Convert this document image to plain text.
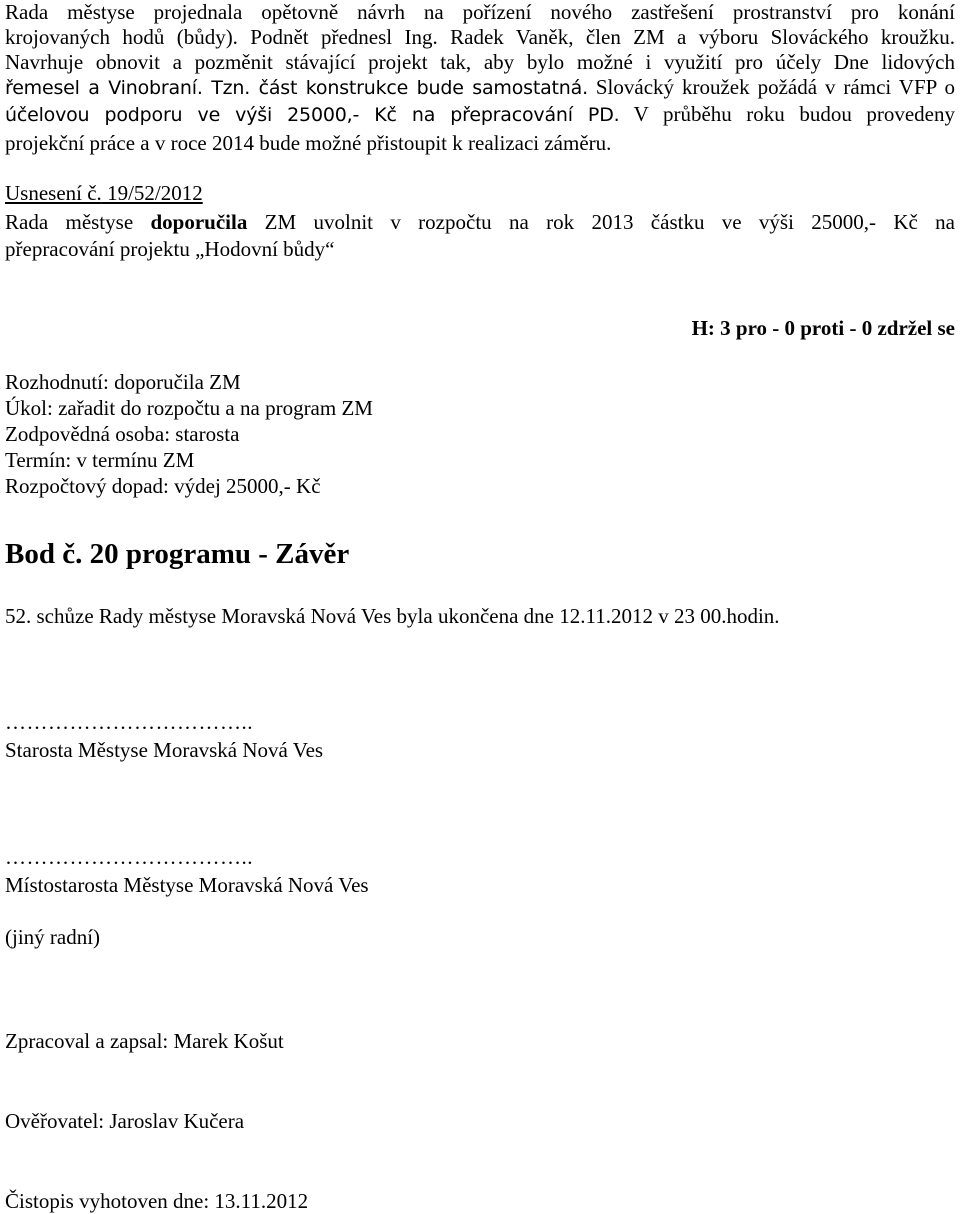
Rada městyse projednala opětovně návrh na pořízení nového zastřešení prostranství pro konání
krojovaných hodů (bůdy). Podnět přednesl Ing. Radek Vaněk, člen ZM a výboru Slováckého kroužku.
Navrhuje obnovit a pozměnit stávající projekt tak, aby bylo možné i využití pro účely Dne lidových
řemesel a Vinobraní. Tzn. část konstrukce bude samostatná. Slovácký kroužek požádá v rámci VFP o
účelovou podporu ve výši 25000,- Kč na přepracování PD. V průběhu roku budou provedeny
projekční práce a v roce 2014 bude možné přistoupit k realizaci záměru.
Usnesení č. 19/52/2012
Rada městyse doporučila ZM uvolnit v rozpočtu na rok 2013 částku ve výši 25000,- Kč na
přepracování projektu „Hodovní bůdy“
H: 3 pro - 0 proti - 0 zdržel se
Rozhodnutí: doporučila ZM
Úkol: zařadit do rozpočtu a na program ZM
Zodpovědná osoba: starosta
Termín: v termínu ZM
Rozpočtový dopad: výdej 25000,- Kč
Bod č. 20 programu - Závěr
52. schůze Rady městyse Moravská Nová Ves byla ukončena dne 12.11.2012 v 23 00.hodin.
……………………………..
Starosta Městyse Moravská Nová Ves
……………………………..
Místostarosta Městyse Moravská Nová Ves
(jiný radní)
Zpracoval a zapsal: Marek Košut
Ověřovatel: Jaroslav Kučera
Čistopis vyhotoven dne: 13.11.2012
